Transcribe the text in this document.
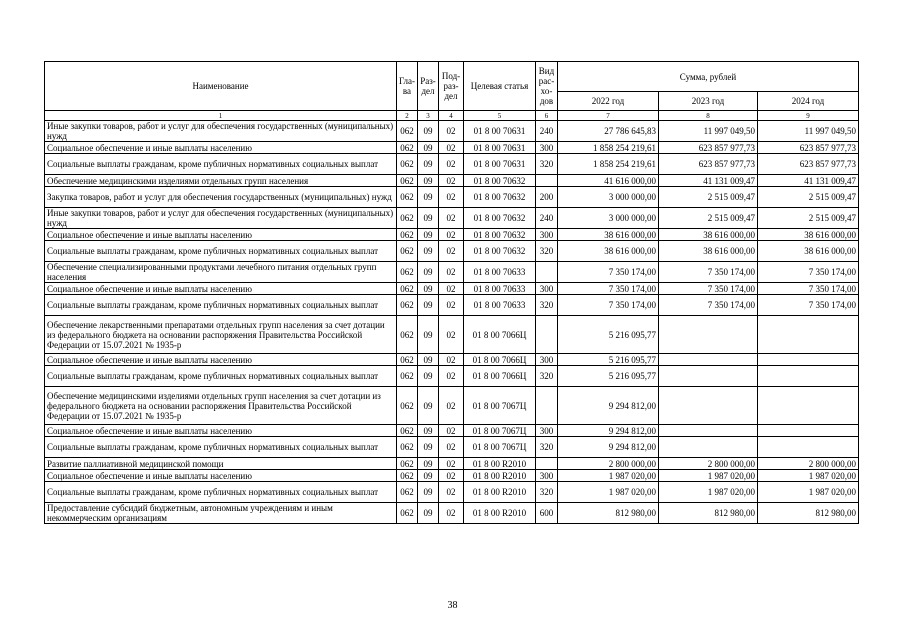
Наименование	Гла-ва	Раз-дел	Под-раз-дел	Целевая статья	Вид рас-хо-дов	Сумма, рублей		
						2022 год	2023 год	2024 год
1	2	3	4	5	6	7	8	9
Иные закупки товаров, работ и услуг для обеспечения государственных (муниципальных) нужд	062	09	02	01 8 00 70631	240	27 786 645,83	11 997 049,50	11 997 049,50
Социальное обеспечение и иные выплаты населению	062	09	02	01 8 00 70631	300	1 858 254 219,61	623 857 977,73	623 857 977,73
Социальные выплаты гражданам, кроме публичных нормативных социальных выплат	062	09	02	01 8 00 70631	320	1 858 254 219,61	623 857 977,73	623 857 977,73
Обеспечение медицинскими изделиями отдельных групп населения	062	09	02	01 8 00 70632		41 616 000,00	41 131 009,47	41 131 009,47
Закупка товаров, работ и услуг для обеспечения государственных (муниципальных) нужд	062	09	02	01 8 00 70632	200	3 000 000,00	2 515 009,47	2 515 009,47
Иные закупки товаров, работ и услуг для обеспечения государственных (муниципальных) нужд	062	09	02	01 8 00 70632	240	3 000 000,00	2 515 009,47	2 515 009,47
Социальное обеспечение и иные выплаты населению	062	09	02	01 8 00 70632	300	38 616 000,00	38 616 000,00	38 616 000,00
Социальные выплаты гражданам, кроме публичных нормативных социальных выплат	062	09	02	01 8 00 70632	320	38 616 000,00	38 616 000,00	38 616 000,00
Обеспечение специализированными продуктами лечебного питания отдельных групп населения	062	09	02	01 8 00 70633		7 350 174,00	7 350 174,00	7 350 174,00
Социальное обеспечение и иные выплаты населению	062	09	02	01 8 00 70633	300	7 350 174,00	7 350 174,00	7 350 174,00
Социальные выплаты гражданам, кроме публичных нормативных социальных выплат	062	09	02	01 8 00 70633	320	7 350 174,00	7 350 174,00	7 350 174,00
Обеспечение лекарственными препаратами отдельных групп населения за счет дотации из федерального бюджета на основании распоряжения Правительства Российской Федерации от 15.07.2021 № 1935-р	062	09	02	01 8 00 7066Ц		5 216 095,77		
Социальное обеспечение и иные выплаты населению	062	09	02	01 8 00 7066Ц	300	5 216 095,77		
Социальные выплаты гражданам, кроме публичных нормативных социальных выплат	062	09	02	01 8 00 7066Ц	320	5 216 095,77		
Обеспечение медицинскими изделиями отдельных групп населения за счет дотации из федерального бюджета на основании распоряжения Правительства Российской Федерации от 15.07.2021 № 1935-р	062	09	02	01 8 00 7067Ц		9 294 812,00		
Социальное обеспечение и иные выплаты населению	062	09	02	01 8 00 7067Ц	300	9 294 812,00		
Социальные выплаты гражданам, кроме публичных нормативных социальных выплат	062	09	02	01 8 00 7067Ц	320	9 294 812,00		
Развитие паллиативной медицинской помощи	062	09	02	01 8 00 R2010		2 800 000,00	2 800 000,00	2 800 000,00
Социальное обеспечение и иные выплаты населению	062	09	02	01 8 00 R2010	300	1 987 020,00	1 987 020,00	1 987 020,00
Социальные выплаты гражданам, кроме публичных нормативных социальных выплат	062	09	02	01 8 00 R2010	320	1 987 020,00	1 987 020,00	1 987 020,00
Предоставление субсидий бюджетным, автономным учреждениям и иным некоммерческим организациям	062	09	02	01 8 00 R2010	600	812 980,00	812 980,00	812 980,00
38
